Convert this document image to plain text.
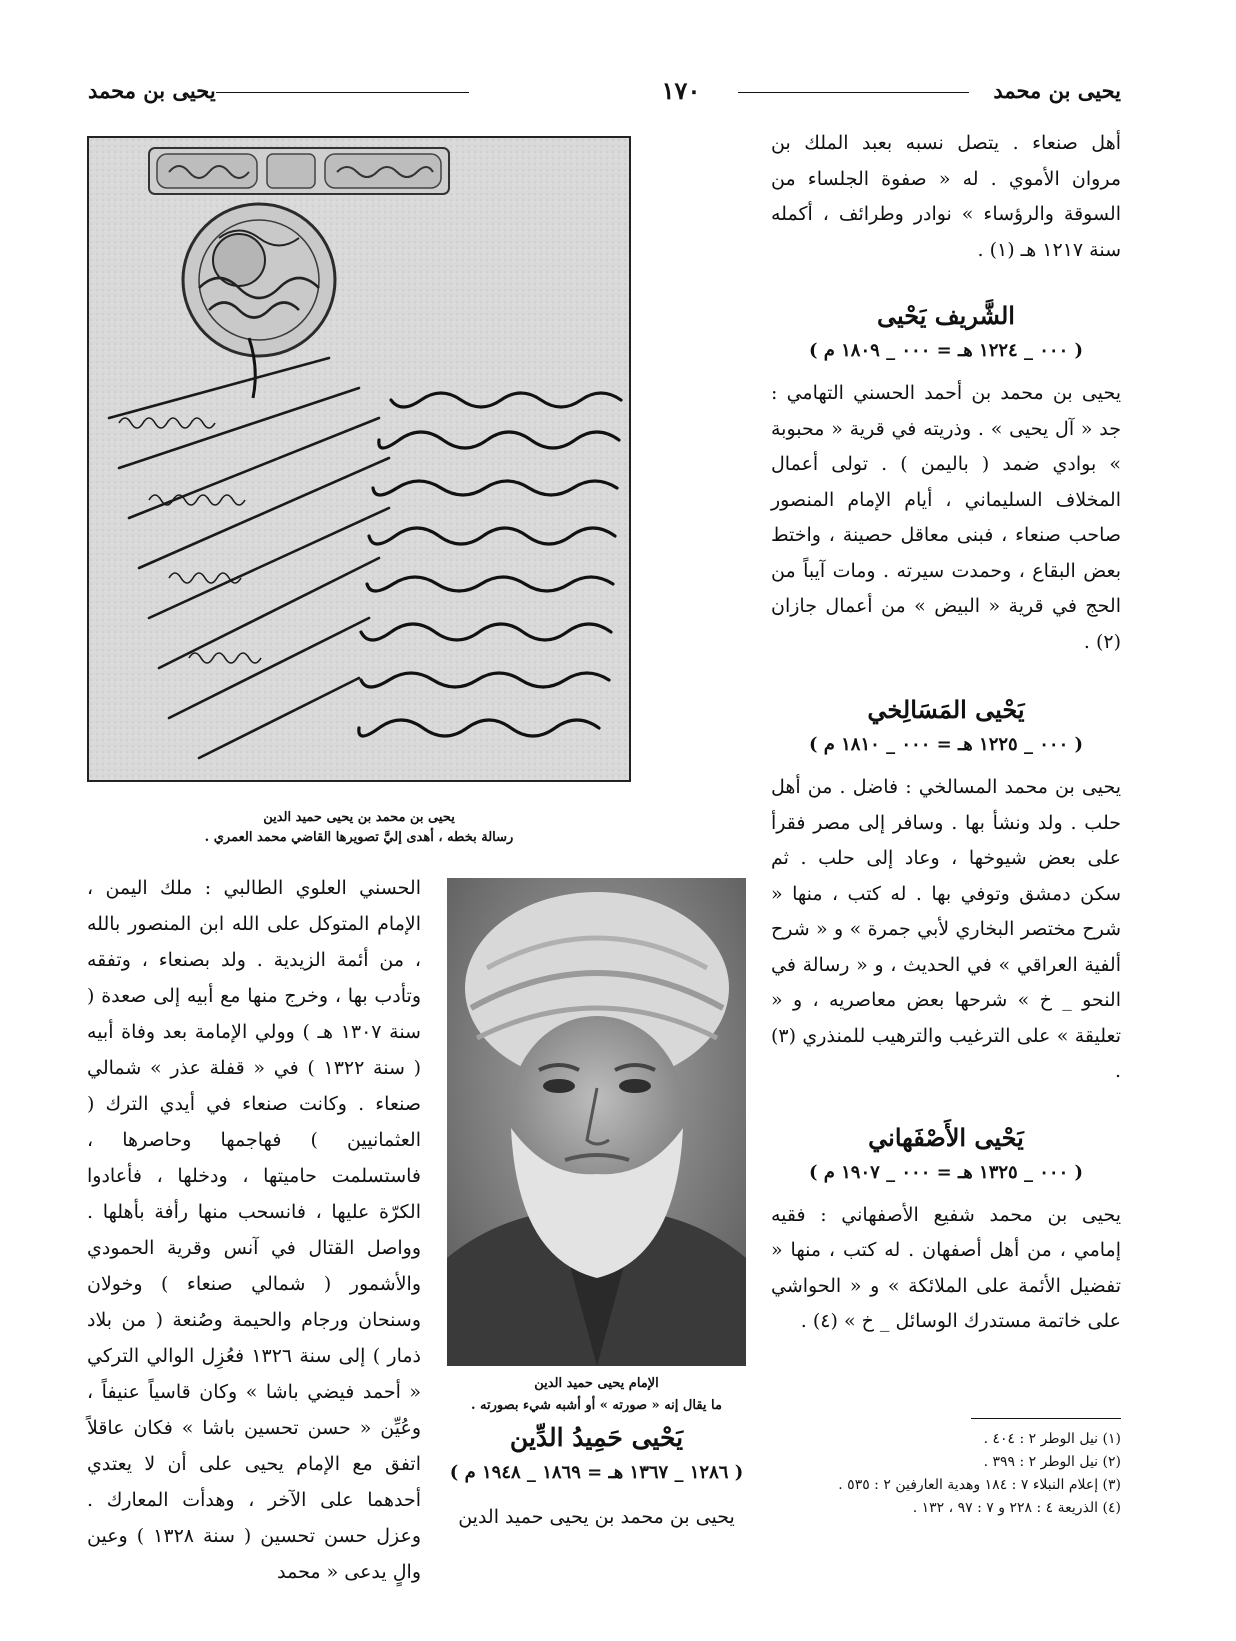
يحيى بن محمد
١٧٠
يحيى بن محمد

أهل صنعاء . يتصل نسبه بعبد الملك بن مروان الأموي . له « صفوة الجلساء من السوقة والرؤساء » نوادر وطرائف ، أكمله سنة ١٢١٧ هـ (١) .

الشَّريف يَحْيى

( ٠٠٠ _ ١٢٢٤ هـ = ٠٠٠ _ ١٨٠٩ م )

يحيى بن محمد بن أحمد الحسني التهامي : جد « آل يحيى » . وذريته في قرية « محبوبة » بوادي ضمد ( باليمن ) . تولى أعمال المخلاف السليماني ، أيام الإمام المنصور صاحب صنعاء ، فبنى معاقل حصينة ، واختط بعض البقاع ، وحمدت سيرته . ومات آيباً من الحج في قرية « البيض » من أعمال جازان (٢) .

يَحْيى المَسَالِخي

( ٠٠٠ _ ١٢٢٥ هـ = ٠٠٠ _ ١٨١٠ م )

يحيى بن محمد المسالخي : فاضل . من أهل حلب . ولد ونشأ بها . وسافر إلى مصر فقرأ على بعض شيوخها ، وعاد إلى حلب . ثم سكن دمشق وتوفي بها . له كتب ، منها « شرح مختصر البخاري لأبي جمرة » و « شرح ألفية العراقي » في الحديث ، و « رسالة في النحو _ خ » شرحها بعض معاصريه ، و « تعليقة » على الترغيب والترهيب للمنذري (٣) .

يَحْيى الأَصْفَهاني

( ٠٠٠ _ ١٣٢٥ هـ = ٠٠٠ _ ١٩٠٧ م )

يحيى بن محمد شفيع الأصفهاني : فقيه إمامي ، من أهل أصفهان . له كتب ، منها « تفضيل الأئمة على الملائكة » و « الحواشي على خاتمة مستدرك الوسائل _ خ » (٤) .

(١) نيل الوطر ٢ : ٤٠٤ .
(٢) نيل الوطر ٢ : ٣٩٩ .
(٣) إعلام النبلاء ٧ : ١٨٤ وهدية العارفين ٢ : ٥٣٥ .
(٤) الذريعة ٤ : ٢٢٨ و ٧ : ٩٧ ، ١٣٢ .
يحيى بن محمد بن يحيى حميد الدين
رسالة بخطه ، أهدى إليَّ تصويرها القاضي محمد العمري .
الإمام يحيى حميد الدين
ما يقال إنه « صورته » أو أشبه شيء بصورته .

يَحْيى حَمِيدُ الدِّين

( ١٢٨٦ _ ١٣٦٧ هـ = ١٨٦٩ _ ١٩٤٨ م )

يحيى بن محمد بن يحيى حميد الدين

الحسني العلوي الطالبي : ملك اليمن ، الإمام المتوكل على الله ابن المنصور بالله ، من أئمة الزيدية . ولد بصنعاء ، وتفقه وتأدب بها ، وخرج منها مع أبيه إلى صعدة ( سنة ١٣٠٧ هـ ) وولي الإمامة بعد وفاة أبيه ( سنة ١٣٢٢ ) في « قفلة عذر » شمالي صنعاء . وكانت صنعاء في أيدي الترك ( العثمانيين ) فهاجمها وحاصرها ، فاستسلمت حاميتها ، ودخلها ، فأعادوا الكرّة عليها ، فانسحب منها رأفة بأهلها . وواصل القتال في آنس وقرية الحمودي والأشمور ( شمالي صنعاء ) وخولان وسنحان ورجام والحيمة وصُنعة ( من بلاد ذمار ) إلى سنة ١٣٢٦ فعُزِل الوالي التركي « أحمد فيضي باشا » وكان قاسياً عنيفاً ، وعُيِّن « حسن تحسين باشا » فكان عاقلاً اتفق مع الإمام يحيى على أن لا يعتدي أحدهما على الآخر ، وهدأت المعارك . وعزل حسن تحسين ( سنة ١٣٢٨ ) وعين والٍ يدعى « محمد
